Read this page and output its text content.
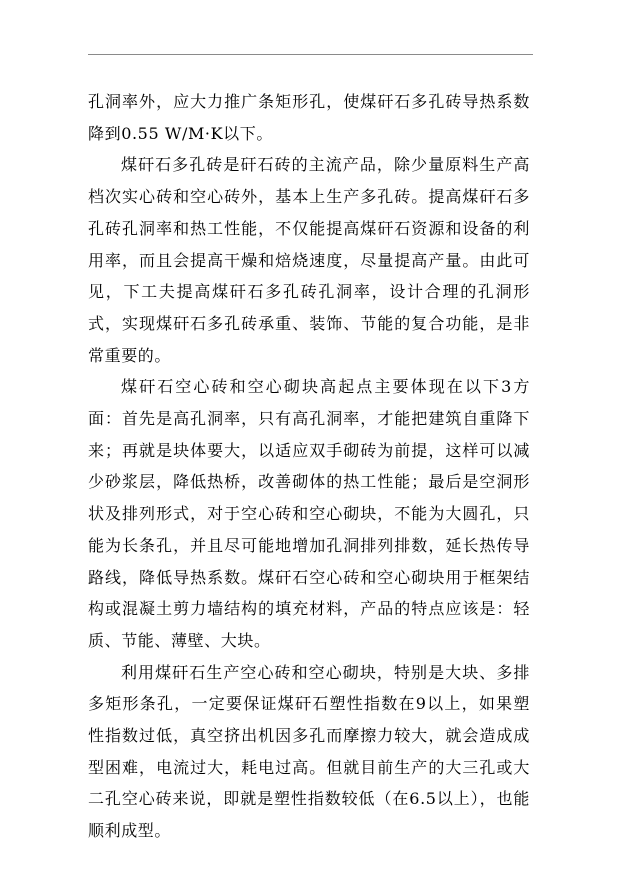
孔洞率外，应大力推广条矩形孔，使煤矸石多孔砖导热系数降到0.55 W/M·K以下。

煤矸石多孔砖是矸石砖的主流产品，除少量原料生产高档次实心砖和空心砖外，基本上生产多孔砖。提高煤矸石多孔砖孔洞率和热工性能，不仅能提高煤矸石资源和设备的利用率，而且会提高干燥和焙烧速度，尽量提高产量。由此可见，下工夫提高煤矸石多孔砖孔洞率，设计合理的孔洞形式，实现煤矸石多孔砖承重、装饰、节能的复合功能，是非常重要的。

煤矸石空心砖和空心砌块高起点主要体现在以下3方面：首先是高孔洞率，只有高孔洞率，才能把建筑自重降下来；再就是块体要大，以适应双手砌砖为前提，这样可以减少砂浆层，降低热桥，改善砌体的热工性能；最后是空洞形状及排列形式，对于空心砖和空心砌块，不能为大圆孔，只能为长条孔，并且尽可能地增加孔洞排列排数，延长热传导路线，降低导热系数。煤矸石空心砖和空心砌块用于框架结构或混凝土剪力墙结构的填充材料，产品的特点应该是：轻质、节能、薄壁、大块。

利用煤矸石生产空心砖和空心砌块，特别是大块、多排多矩形条孔，一定要保证煤矸石塑性指数在9以上，如果塑性指数过低，真空挤出机因多孔而摩擦力较大，就会造成成型困难，电流过大，耗电过高。但就目前生产的大三孔或大二孔空心砖来说，即就是塑性指数较低（在6.5以上），也能顺利成型。
